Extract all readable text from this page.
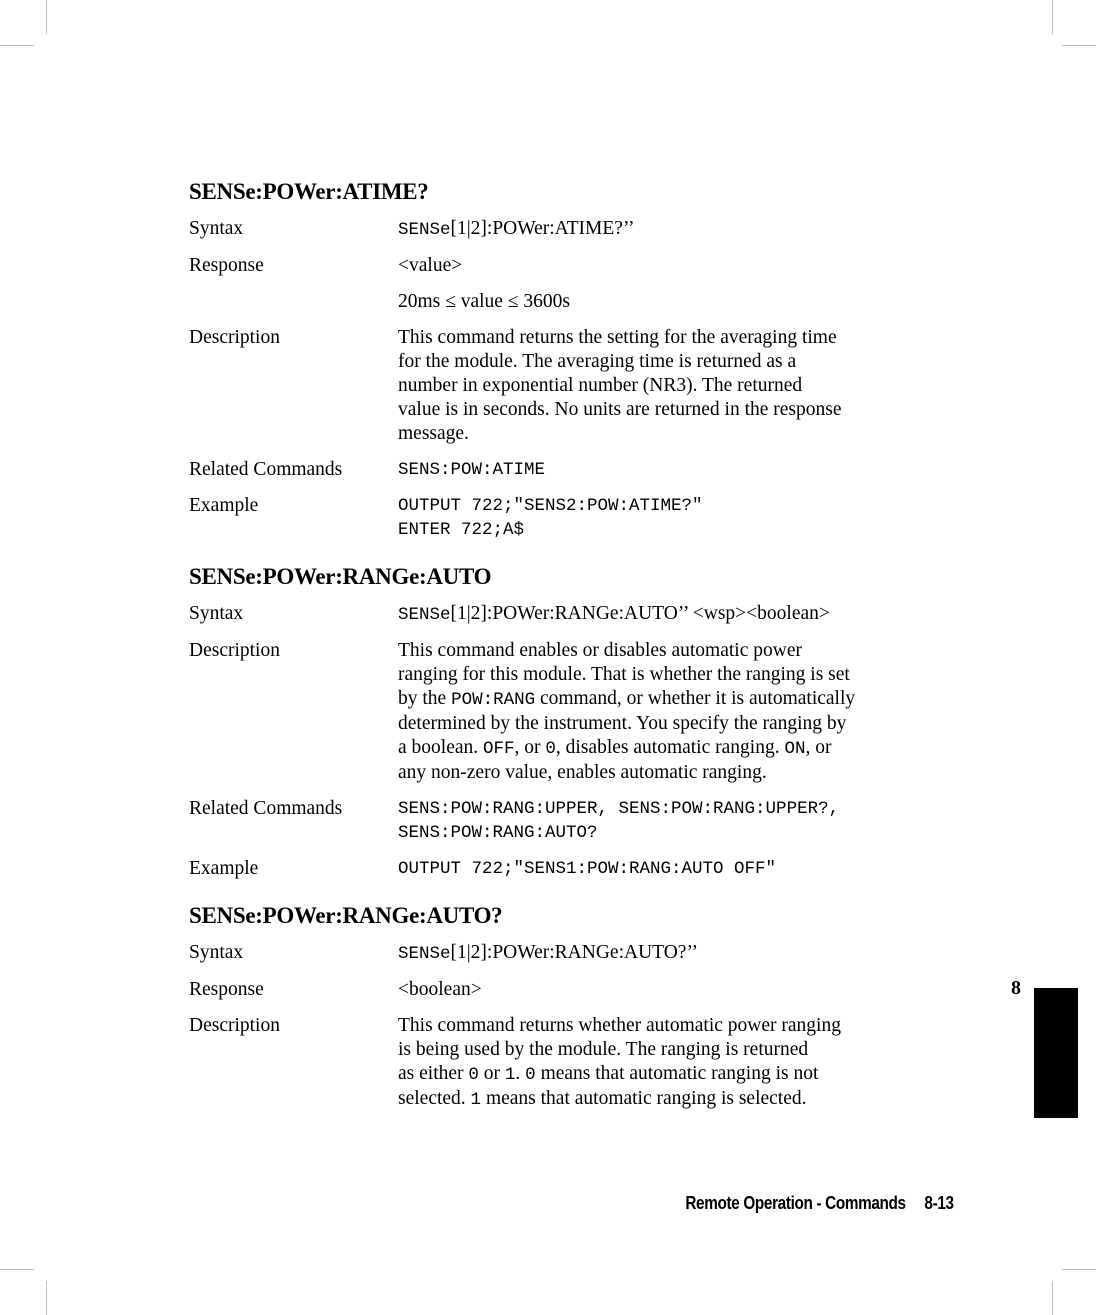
SENSe:POWer:ATIME?
Syntax	SENSe[1|2]:POWer:ATIME?’’
Response	<value>
20ms ≤ value ≤ 3600s
Description	This command returns the setting for the averaging time
for the module. The averaging time is returned as a
number in exponential number (NR3). The returned
value is in seconds. No units are returned in the response
message.
Related Commands	SENS:POW:ATIME
Example	OUTPUT 722;"SENS2:POW:ATIME?"
ENTER 722;A$
SENSe:POWer:RANGe:AUTO
Syntax	SENSe[1|2]:POWer:RANGe:AUTO’’ <wsp><boolean>
Description	This command enables or disables automatic power
ranging for this module. That is whether the ranging is set
by the POW:RANG command, or whether it is automatically
determined by the instrument. You specify the ranging by
a boolean. OFF, or 0, disables automatic ranging. ON, or
any non-zero value, enables automatic ranging.
Related Commands	SENS:POW:RANG:UPPER, SENS:POW:RANG:UPPER?,
SENS:POW:RANG:AUTO?
Example	OUTPUT 722;"SENS1:POW:RANG:AUTO OFF"
SENSe:POWer:RANGe:AUTO?
Syntax	SENSe[1|2]:POWer:RANGe:AUTO?’’
Response	<boolean>
Description	This command returns whether automatic power ranging
is being used by the module. The ranging is returned
as either 0 or 1. 0 means that automatic ranging is not
selected. 1 means that automatic ranging is selected.
8
Remote Operation - Commands 8-13
